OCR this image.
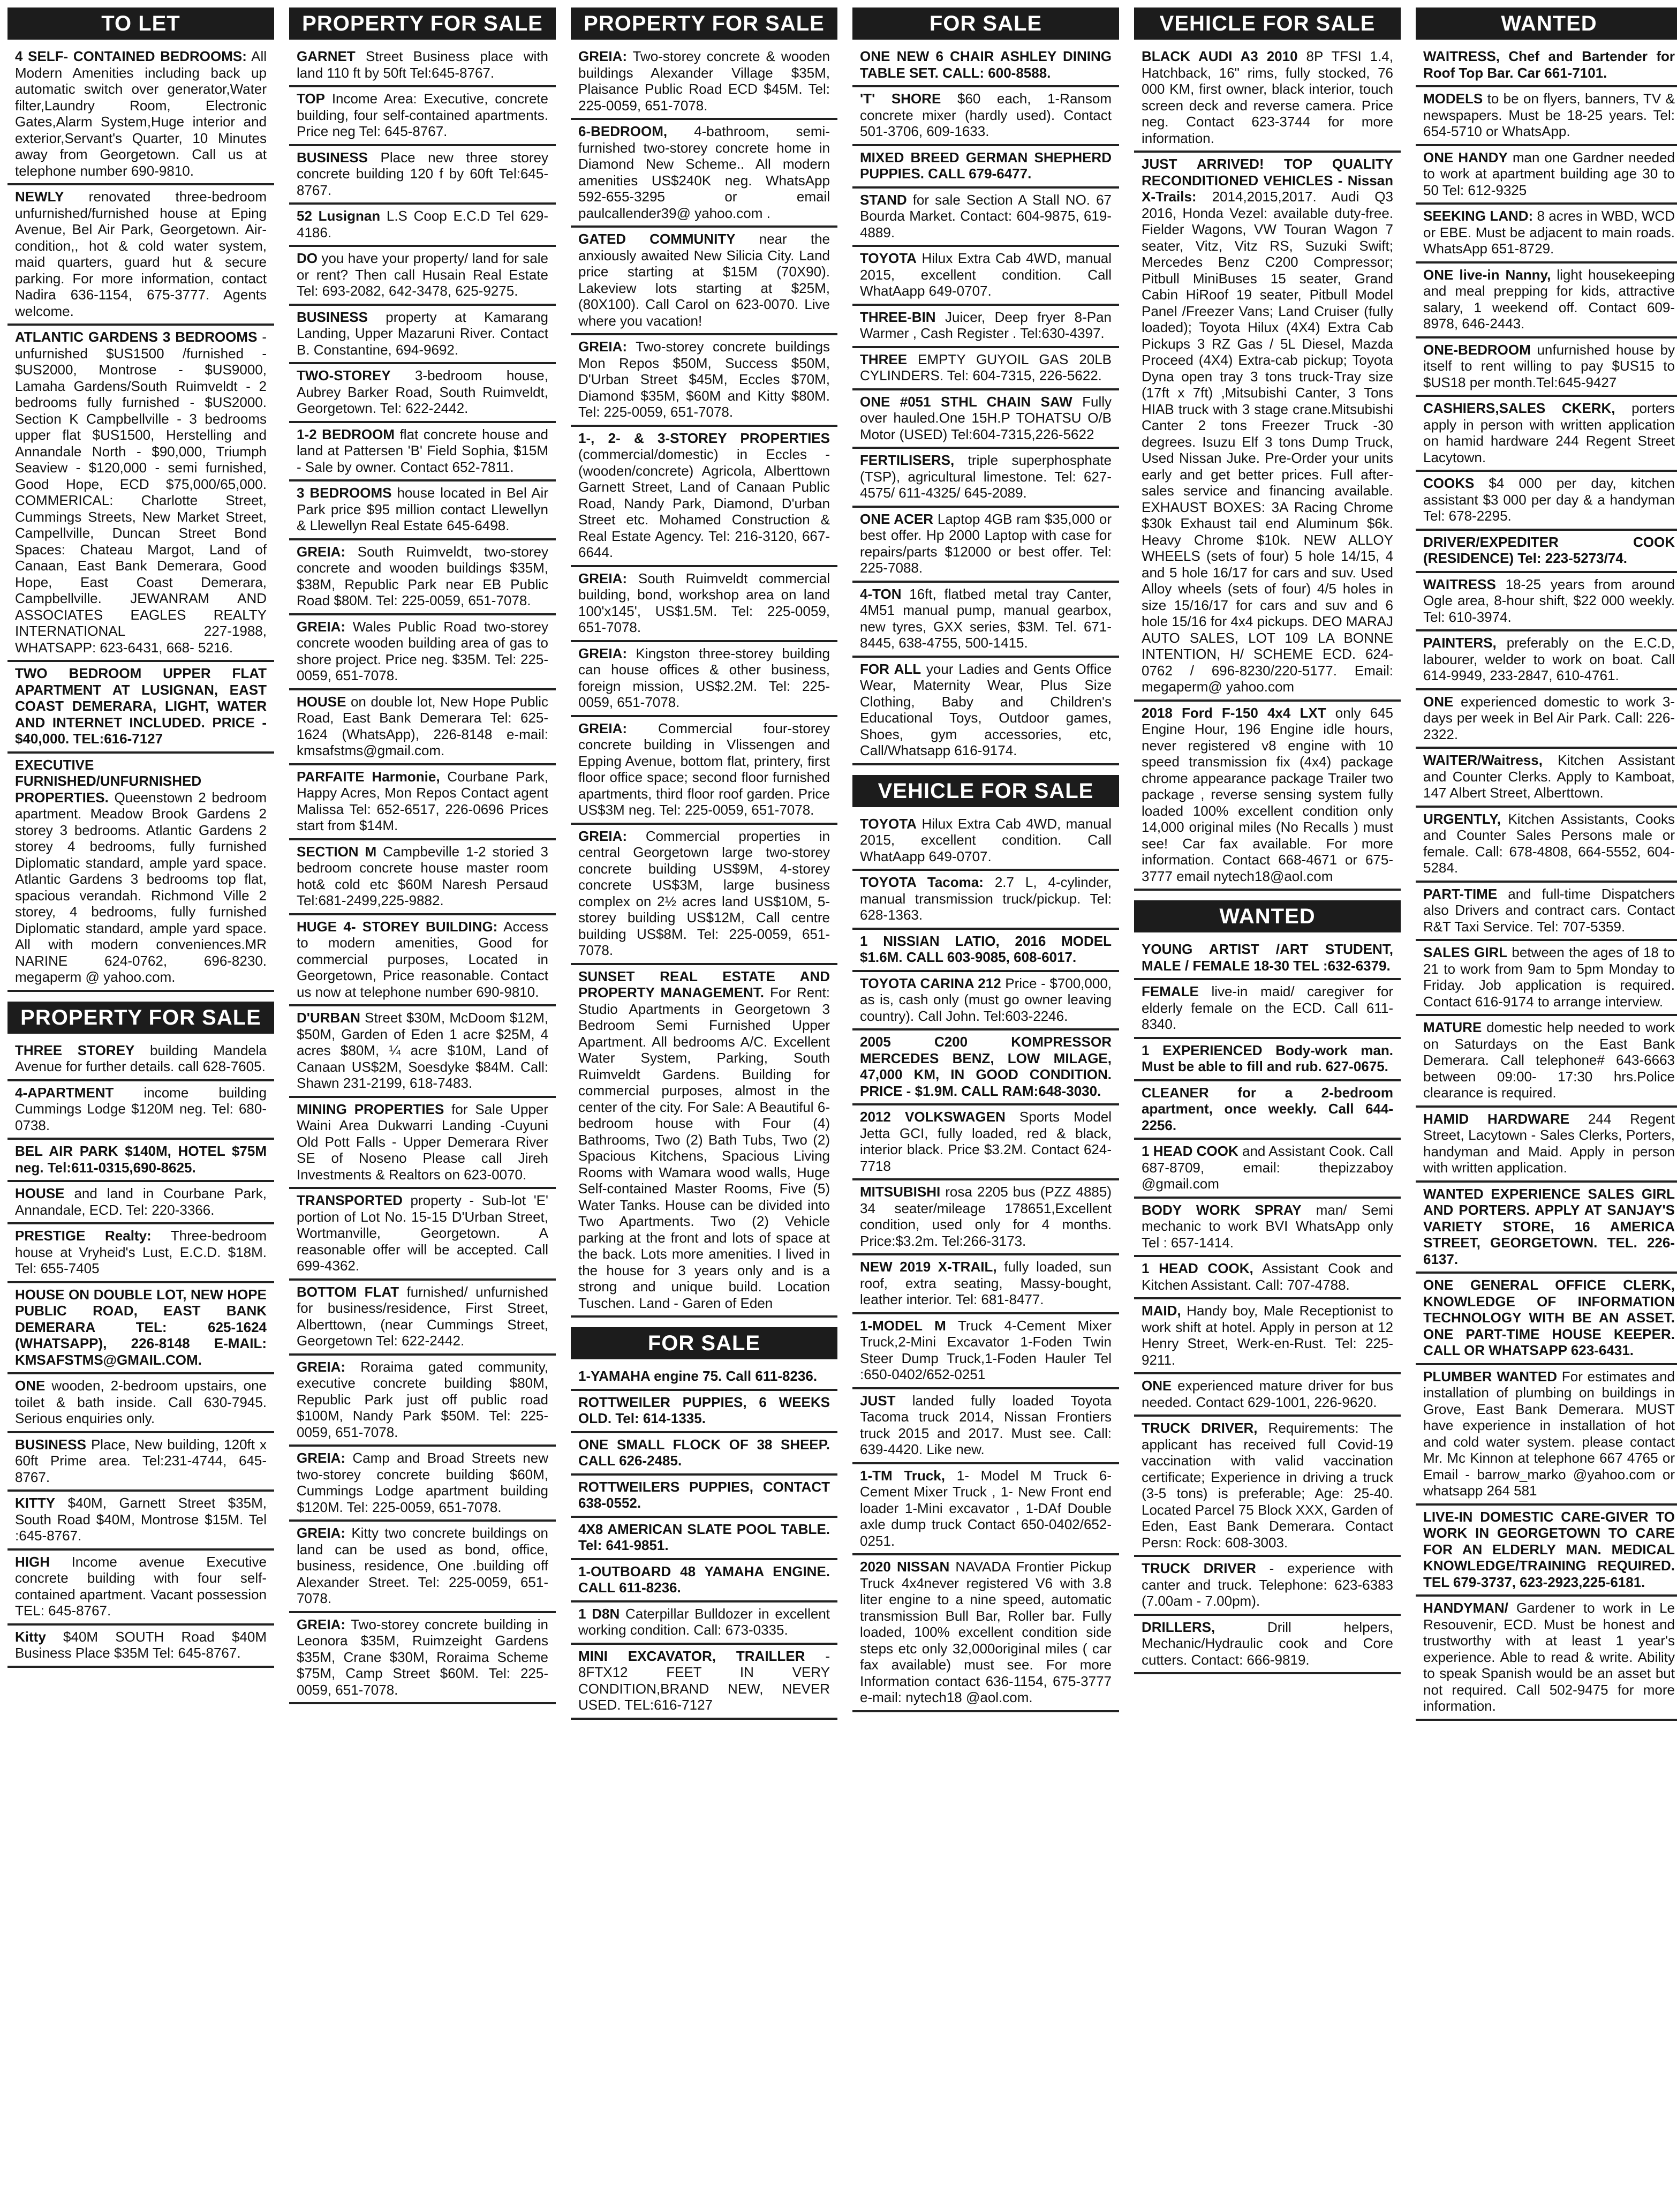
TO LET

4 SELF- CONTAINED BEDROOMS: All Modern Amenities including back up automatic switch over generator,Water filter,Laundry Room, Electronic Gates,Alarm System,Huge interior and exterior,Servant's Quarter, 10 Minutes away from Georgetown. Call us at telephone number 690-9810.

NEWLY renovated three-bedroom unfurnished/furnished house at Eping Avenue, Bel Air Park, Georgetown. Air-condition,, hot & cold water system, maid quarters, guard hut & secure parking. For more information, contact Nadira 636-1154, 675-3777. Agents welcome.

ATLANTIC GARDENS 3 BEDROOMS - unfurnished $US1500 /furnished - $US2000, Montrose - $US9000, Lamaha Gardens/South Ruimveldt - 2 bedrooms fully furnished - $US2000. Section K Campbellville - 3 bedrooms upper flat $US1500, Herstelling and Annandale North - $90,000, Triumph Seaview - $120,000 - semi furnished, Good Hope, ECD $75,000/65,000. COMMERICAL: Charlotte Street, Cummings Streets, New Market Street, Campellville, Duncan Street Bond Spaces: Chateau Margot, Land of Canaan, East Bank Demerara, Good Hope, East Coast Demerara, Campbellville. JEWANRAM AND ASSOCIATES EAGLES REALTY INTERNATIONAL 227-1988, WHATSAPP: 623-6431, 668- 5216.

TWO BEDROOM UPPER FLAT APARTMENT AT LUSIGNAN, EAST COAST DEMERARA, LIGHT, WATER AND INTERNET INCLUDED. PRICE - $40,000. TEL:616-7127

EXECUTIVE FURNISHED/UNFURNISHED PROPERTIES. Queenstown 2 bedroom apartment. Meadow Brook Gardens 2 storey 3 bedrooms. Atlantic Gardens 2 storey 4 bedrooms, fully furnished Diplomatic standard, ample yard space. Atlantic Gardens 3 bedrooms top flat, spacious verandah. Richmond Ville 2 storey, 4 bedrooms, fully furnished Diplomatic standard, ample yard space. All with modern conveniences.MR NARINE 624-0762, 696-8230. megaperm @ yahoo.com.

PROPERTY FOR SALE

THREE STOREY building Mandela Avenue for further details. call 628-7605.

4-APARTMENT income building Cummings Lodge $120M neg. Tel: 680-0738.

BEL AIR PARK $140M, HOTEL $75M neg. Tel:611-0315,690-8625.

HOUSE and land in Courbane Park, Annandale, ECD. Tel: 220-3366.

PRESTIGE Realty: Three-bedroom house at Vryheid's Lust, E.C.D. $18M. Tel: 655-7405

HOUSE ON DOUBLE LOT, NEW HOPE PUBLIC ROAD, EAST BANK DEMERARA TEL: 625-1624 (WHATSAPP), 226-8148 E-MAIL: KMSAFSTMS@GMAIL.COM.

ONE wooden, 2-bedroom upstairs, one toilet & bath inside. Call 630-7945. Serious enquiries only.

BUSINESS Place, New building, 120ft x 60ft Prime area. Tel:231-4744, 645-8767.

KITTY $40M, Garnett Street $35M, South Road $40M, Montrose $15M. Tel :645-8767.

HIGH Income avenue Executive concrete building with four self-contained apartment. Vacant possession TEL: 645-8767.

Kitty $40M SOUTH Road $40M Business Place $35M Tel: 645-8767.

PROPERTY FOR SALE

GARNET Street Business place with land 110 ft by 50ft Tel:645-8767.

TOP Income Area: Executive, concrete building, four self-contained apartments. Price neg Tel: 645-8767.

BUSINESS Place new three storey concrete building 120 f by 60ft Tel:645-8767.

52 Lusignan L.S Coop E.C.D Tel 629-4186.

DO you have your property/ land for sale or rent? Then call Husain Real Estate Tel: 693-2082, 642-3478, 625-9275.

BUSINESS property at Kamarang Landing, Upper Mazaruni River. Contact B. Constantine, 694-9692.

TWO-STOREY 3-bedroom house, Aubrey Barker Road, South Ruimveldt, Georgetown. Tel: 622-2442.

1-2 BEDROOM flat concrete house and land at Pattersen 'B' Field Sophia, $15M - Sale by owner. Contact 652-7811.

3 BEDROOMS house located in Bel Air Park price $95 million contact Llewellyn & Llewellyn Real Estate 645-6498.

GREIA: South Ruimveldt, two-storey concrete and wooden buildings $35M, $38M, Republic Park near EB Public Road $80M. Tel: 225-0059, 651-7078.

GREIA: Wales Public Road two-storey concrete wooden building area of gas to shore project. Price neg. $35M. Tel: 225-0059, 651-7078.

HOUSE on double lot, New Hope Public Road, East Bank Demerara Tel: 625-1624 (WhatsApp), 226-8148 e-mail: kmsafstms@gmail.com.

PARFAITE Harmonie, Courbane Park, Happy Acres, Mon Repos Contact agent Malissa Tel: 652-6517, 226-0696 Prices start from $14M.

SECTION M Campbeville 1-2 storied 3 bedroom concrete house master room hot& cold etc $60M Naresh Persaud Tel:681-2499,225-9882.

HUGE 4- STOREY BUILDING: Access to modern amenities, Good for commercial purposes, Located in Georgetown, Price reasonable. Contact us now at telephone number 690-9810.

D'URBAN Street $30M, McDoom $12M, $50M, Garden of Eden 1 acre $25M, 4 acres $80M, ¼ acre $10M, Land of Canaan US$2M, Soesdyke $84M. Call: Shawn 231-2199, 618-7483.

MINING PROPERTIES for Sale Upper Waini Area Dukwarri Landing -Cuyuni Old Pott Falls - Upper Demerara River SE of Noseno Please call Jireh Investments & Realtors on 623-0070.

TRANSPORTED property - Sub-lot 'E' portion of Lot No. 15-15 D'Urban Street, Wortmanville, Georgetown. A reasonable offer will be accepted. Call 699-4362.

BOTTOM FLAT furnished/ unfurnished for business/residence, First Street, Alberttown, (near Cummings Street, Georgetown Tel: 622-2442.

GREIA: Roraima gated community, executive concrete building $80M, Republic Park just off public road $100M, Nandy Park $50M. Tel: 225-0059, 651-7078.

GREIA: Camp and Broad Streets new two-storey concrete building $60M, Cummings Lodge apartment building $120M. Tel: 225-0059, 651-7078.

GREIA: Kitty two concrete buildings on land can be used as bond, office, business, residence, One .building off Alexander Street. Tel: 225-0059, 651-7078.

GREIA: Two-storey concrete building in Leonora $35M, Ruimzeight Gardens $35M, Crane $30M, Roraima Scheme $75M, Camp Street $60M. Tel: 225-0059, 651-7078.

PROPERTY FOR SALE

GREIA: Two-storey concrete & wooden buildings Alexander Village $35M, Plaisance Public Road ECD $45M. Tel: 225-0059, 651-7078.

6-BEDROOM, 4-bathroom, semi-furnished two-storey concrete home in Diamond New Scheme.. All modern amenities US$240K neg. WhatsApp 592-655-3295 or email paulcallender39@ yahoo.com .

GATED COMMUNITY near the anxiously awaited New Silicia City. Land price starting at $15M (70X90). Lakeview lots starting at $25M, (80X100). Call Carol on 623-0070. Live where you vacation!

GREIA: Two-storey concrete buildings Mon Repos $50M, Success $50M, D'Urban Street $45M, Eccles $70M, Diamond $35M, $60M and Kitty $80M. Tel: 225-0059, 651-7078.

1-, 2- & 3-STOREY PROPERTIES (commercial/domestic) in Eccles - (wooden/concrete) Agricola, Alberttown Garnett Street, Land of Canaan Public Road, Nandy Park, Diamond, D'urban Street etc. Mohamed Construction & Real Estate Agency. Tel: 216-3120, 667-6644.

GREIA: South Ruimveldt commercial building, bond, workshop area on land 100'x145', US$1.5M. Tel: 225-0059, 651-7078.

GREIA: Kingston three-storey building can house offices & other business, foreign mission, US$2.2M. Tel: 225-0059, 651-7078.

GREIA: Commercial four-storey concrete building in Vlissengen and Epping Avenue, bottom flat, printery, first floor office space; second floor furnished apartments, third floor roof garden. Price US$3M neg. Tel: 225-0059, 651-7078.

GREIA: Commercial properties in central Georgetown large two-storey concrete building US$9M, 4-storey concrete US$3M, large business complex on 2½ acres land US$10M, 5-storey building US$12M, Call centre building US$8M. Tel: 225-0059, 651-7078.

SUNSET REAL ESTATE AND PROPERTY MANAGEMENT. For Rent: Studio Apartments in Georgetown 3 Bedroom Semi Furnished Upper Apartment. All bedrooms A/C. Excellent Water System, Parking, South Ruimveldt Gardens. Building for commercial purposes, almost in the center of the city. For Sale: A Beautiful 6-bedroom house with Four (4) Bathrooms, Two (2) Bath Tubs, Two (2) Spacious Kitchens, Spacious Living Rooms with Wamara wood walls, Huge Self-contained Master Rooms, Five (5) Water Tanks. House can be divided into Two Apartments. Two (2) Vehicle parking at the front and lots of space at the back. Lots more amenities. I lived in the house for 3 years only and is a strong and unique build. Location Tuschen. Land - Garen of Eden

FOR SALE

1-YAMAHA engine 75. Call 611-8236.

ROTTWEILER PUPPIES, 6 WEEKS OLD. Tel: 614-1335.

ONE SMALL FLOCK OF 38 SHEEP. CALL 626-2485.

ROTTWEILERS PUPPIES, CONTACT 638-0552.

4X8 AMERICAN SLATE POOL TABLE. Tel: 641-9851.

1-OUTBOARD 48 YAMAHA ENGINE. CALL 611-8236.

1 D8N Caterpillar Bulldozer in excellent working condition. Call: 673-0335.

MINI EXCAVATOR, TRAILLER - 8FTX12 FEET IN VERY CONDITION,BRAND NEW, NEVER USED. TEL:616-7127

FOR SALE

ONE NEW 6 CHAIR ASHLEY DINING TABLE SET. CALL: 600-8588.

'T' SHORE $60 each, 1-Ransom concrete mixer (hardly used). Contact 501-3706, 609-1633.

MIXED BREED GERMAN SHEPHERD PUPPIES. CALL 679-6477.

STAND for sale Section A Stall NO. 67 Bourda Market. Contact: 604-9875, 619-4889.

TOYOTA Hilux Extra Cab 4WD, manual 2015, excellent condition. Call WhatAapp 649-0707.

THREE-BIN Juicer, Deep fryer 8-Pan Warmer , Cash Register . Tel:630-4397.

THREE EMPTY GUYOIL GAS 20LB CYLINDERS. Tel: 604-7315, 226-5622.

ONE #051 STHL CHAIN SAW Fully over hauled.One 15H.P TOHATSU O/B Motor (USED) Tel:604-7315,226-5622

FERTILISERS, triple superphosphate (TSP), agricultural limestone. Tel: 627-4575/ 611-4325/ 645-2089.

ONE ACER Laptop 4GB ram $35,000 or best offer. Hp 2000 Laptop with case for repairs/parts $12000 or best offer. Tel: 225-7088.

4-TON 16ft, flatbed metal tray Canter, 4M51 manual pump, manual gearbox, new tyres, GXX series, $3M. Tel. 671-8445, 638-4755, 500-1415.

FOR ALL your Ladies and Gents Office Wear, Maternity Wear, Plus Size Clothing, Baby and Children's Educational Toys, Outdoor games, Shoes, gym accessories, etc, Call/Whatsapp 616-9174.

VEHICLE FOR SALE

TOYOTA Hilux Extra Cab 4WD, manual 2015, excellent condition. Call WhatAapp 649-0707.

TOYOTA Tacoma: 2.7 L, 4-cylinder, manual transmission truck/pickup. Tel: 628-1363.

1 NISSIAN LATIO, 2016 MODEL $1.6M. CALL 603-9085, 608-6017.

TOYOTA CARINA 212 Price - $700,000, as is, cash only (must go owner leaving country). Call John. Tel:603-2246.

2005 C200 KOMPRESSOR MERCEDES BENZ, LOW MILAGE, 47,000 KM, IN GOOD CONDITION. PRICE - $1.9M. CALL RAM:648-3030.

2012 VOLKSWAGEN Sports Model Jetta GCI, fully loaded, red & black, interior black. Price $3.2M. Contact 624-7718

MITSUBISHI rosa 2205 bus (PZZ 4885) 34 seater/mileage 178651,Excellent condition, used only for 4 months. Price:$3.2m. Tel:266-3173.

NEW 2019 X-TRAIL, fully loaded, sun roof, extra seating, Massy-bought, leather interior. Tel: 681-8477.

1-MODEL M Truck 4-Cement Mixer Truck,2-Mini Excavator 1-Foden Twin Steer Dump Truck,1-Foden Hauler Tel :650-0402/652-0251

JUST landed fully loaded Toyota Tacoma truck 2014, Nissan Frontiers truck 2015 and 2017. Must see. Call: 639-4420. Like new.

1-TM Truck, 1- Model M Truck 6-Cement Mixer Truck , 1- New Front end loader 1-Mini excavator , 1-DAf Double axle dump truck Contact 650-0402/652-0251.

2020 NISSAN NAVADA Frontier Pickup Truck 4x4never registered V6 with 3.8 liter engine to a nine speed, automatic transmission Bull Bar, Roller bar. Fully loaded, 100% excellent condition side steps etc only 32,000original miles ( car fax available) must see. For more Information contact 636-1154, 675-3777 e-mail: nytech18 @aol.com.

VEHICLE FOR SALE

BLACK AUDI A3 2010 8P TFSI 1.4, Hatchback, 16" rims, fully stocked, 76 000 KM, first owner, black interior, touch screen deck and reverse camera. Price neg. Contact 623-3744 for more information.

JUST ARRIVED! TOP QUALITY RECONDITIONED VEHICLES - Nissan X-Trails: 2014,2015,2017. Audi Q3 2016, Honda Vezel: available duty-free. Fielder Wagons, VW Touran Wagon 7 seater, Vitz, Vitz RS, Suzuki Swift; Mercedes Benz C200 Compressor; Pitbull MiniBuses 15 seater, Grand Cabin HiRoof 19 seater, Pitbull Model Panel /Freezer Vans; Land Cruiser (fully loaded); Toyota Hilux (4X4) Extra Cab Pickups 3 RZ Gas / 5L Diesel, Mazda Proceed (4X4) Extra-cab pickup; Toyota Dyna open tray 3 tons truck-Tray size (17ft x 7ft) ,Mitsubishi Canter, 3 Tons HIAB truck with 3 stage crane.Mitsubishi Canter 2 tons Freezer Truck -30 degrees. Isuzu Elf 3 tons Dump Truck, Used Nissan Juke. Pre-Order your units early and get better prices. Full after-sales service and financing available. EXHAUST BOXES: 3A Racing Chrome $30k Exhaust tail end Aluminum $6k. Heavy Chrome $10k. NEW ALLOY WHEELS (sets of four) 5 hole 14/15, 4 and 5 hole 16/17 for cars and suv. Used Alloy wheels (sets of four) 4/5 holes in size 15/16/17 for cars and suv and 6 hole 15/16 for 4x4 pickups. DEO MARAJ AUTO SALES, LOT 109 LA BONNE INTENTION, H/ SCHEME ECD. 624-0762 / 696-8230/220-5177. Email: megaperm@ yahoo.com

2018 Ford F-150 4x4 LXT only 645 Engine Hour, 196 Engine idle hours, never registered v8 engine with 10 speed transmission fix (4x4) package chrome appearance package Trailer two package , reverse sensing system fully loaded 100% excellent condition only 14,000 original miles (No Recalls ) must see! Car fax available. For more information. Contact 668-4671 or 675-3777 email nytech18@aol.com

WANTED

YOUNG ARTIST /ART STUDENT, MALE / FEMALE 18-30 TEL :632-6379.

FEMALE live-in maid/ caregiver for elderly female on the ECD. Call 611-8340.

1 EXPERIENCED Body-work man. Must be able to fill and rub. 627-0675.

CLEANER for a 2-bedroom apartment, once weekly. Call 644-2256.

1 HEAD COOK and Assistant Cook. Call 687-8709, email: thepizzaboy @gmail.com

BODY WORK SPRAY man/ Semi mechanic to work BVI WhatsApp only Tel : 657-1414.

1 HEAD COOK, Assistant Cook and Kitchen Assistant. Call: 707-4788.

MAID, Handy boy, Male Receptionist to work shift at hotel. Apply in person at 12 Henry Street, Werk-en-Rust. Tel: 225-9211.

ONE experienced mature driver for bus needed. Contact 629-1001, 226-9620.

TRUCK DRIVER, Requirements: The applicant has received full Covid-19 vaccination with valid vaccination certificate; Experience in driving a truck (3-5 tons) is preferable; Age: 25-40. Located Parcel 75 Block XXX, Garden of Eden, East Bank Demerara. Contact Persn: Rock: 608-3003.

TRUCK DRIVER - experience with canter and truck. Telephone: 623-6383 (7.00am - 7.00pm).

DRILLERS, Drill helpers, Mechanic/Hydraulic cook and Core cutters. Contact: 666-9819.

WANTED

WAITRESS, Chef and Bartender for Roof Top Bar. Car 661-7101.

MODELS to be on flyers, banners, TV & newspapers. Must be 18-25 years. Tel: 654-5710 or WhatsApp.

ONE HANDY man one Gardner needed to work at apartment building age 30 to 50 Tel: 612-9325

SEEKING LAND: 8 acres in WBD, WCD or EBE. Must be adjacent to main roads. WhatsApp 651-8729.

ONE live-in Nanny, light housekeeping and meal prepping for kids, attractive salary, 1 weekend off. Contact 609-8978, 646-2443.

ONE-BEDROOM unfurnished house by itself to rent willing to pay $US15 to $US18 per month.Tel:645-9427

CASHIERS,SALES CKERK, porters apply in person with written application on hamid hardware 244 Regent Street Lacytown.

COOKS $4 000 per day, kitchen assistant $3 000 per day & a handyman Tel: 678-2295.

DRIVER/EXPEDITER COOK (RESIDENCE) Tel: 223-5273/74.

WAITRESS 18-25 years from around Ogle area, 8-hour shift, $22 000 weekly. Tel: 610-3974.

PAINTERS, preferably on the E.C.D, labourer, welder to work on boat. Call 614-9949, 233-2847, 610-4761.

ONE experienced domestic to work 3-days per week in Bel Air Park. Call: 226-2322.

WAITER/Waitress, Kitchen Assistant and Counter Clerks. Apply to Kamboat, 147 Albert Street, Alberttown.

URGENTLY, Kitchen Assistants, Cooks and Counter Sales Persons male or female. Call: 678-4808, 664-5552, 604-5284.

PART-TIME and full-time Dispatchers also Drivers and contract cars. Contact R&T Taxi Service. Tel: 707-5359.

SALES GIRL between the ages of 18 to 21 to work from 9am to 5pm Monday to Friday. Job application is required. Contact 616-9174 to arrange interview.

MATURE domestic help needed to work on Saturdays on the East Bank Demerara. Call telephone# 643-6663 between 09:00- 17:30 hrs.Police clearance is required.

HAMID HARDWARE 244 Regent Street, Lacytown - Sales Clerks, Porters, handyman and Maid. Apply in person with written application.

WANTED EXPERIENCE SALES GIRL AND PORTERS. APPLY AT SANJAY'S VARIETY STORE, 16 AMERICA STREET, GEORGETOWN. TEL. 226-6137.

ONE GENERAL OFFICE CLERK, KNOWLEDGE OF INFORMATION TECHNOLOGY WITH BE AN ASSET. ONE PART-TIME HOUSE KEEPER. CALL OR WHATSAPP 623-6431.

PLUMBER WANTED For estimates and installation of plumbing on buildings in Grove, East Bank Demerara. MUST have experience in installation of hot and cold water system. please contact Mr. Mc Kinnon at telephone 667 4765 or Email - barrow_marko @yahoo.com or whatsapp 264 581

LIVE-IN DOMESTIC CARE-GIVER TO WORK IN GEORGETOWN TO CARE FOR AN ELDERLY MAN. MEDICAL KNOWLEDGE/TRAINING REQUIRED. TEL 679-3737, 623-2923,225-6181.

HANDYMAN/ Gardener to work in Le Resouvenir, ECD. Must be honest and trustworthy with at least 1 year's experience. Able to read & write. Ability to speak Spanish would be an asset but not required. Call 502-9475 for more information.
